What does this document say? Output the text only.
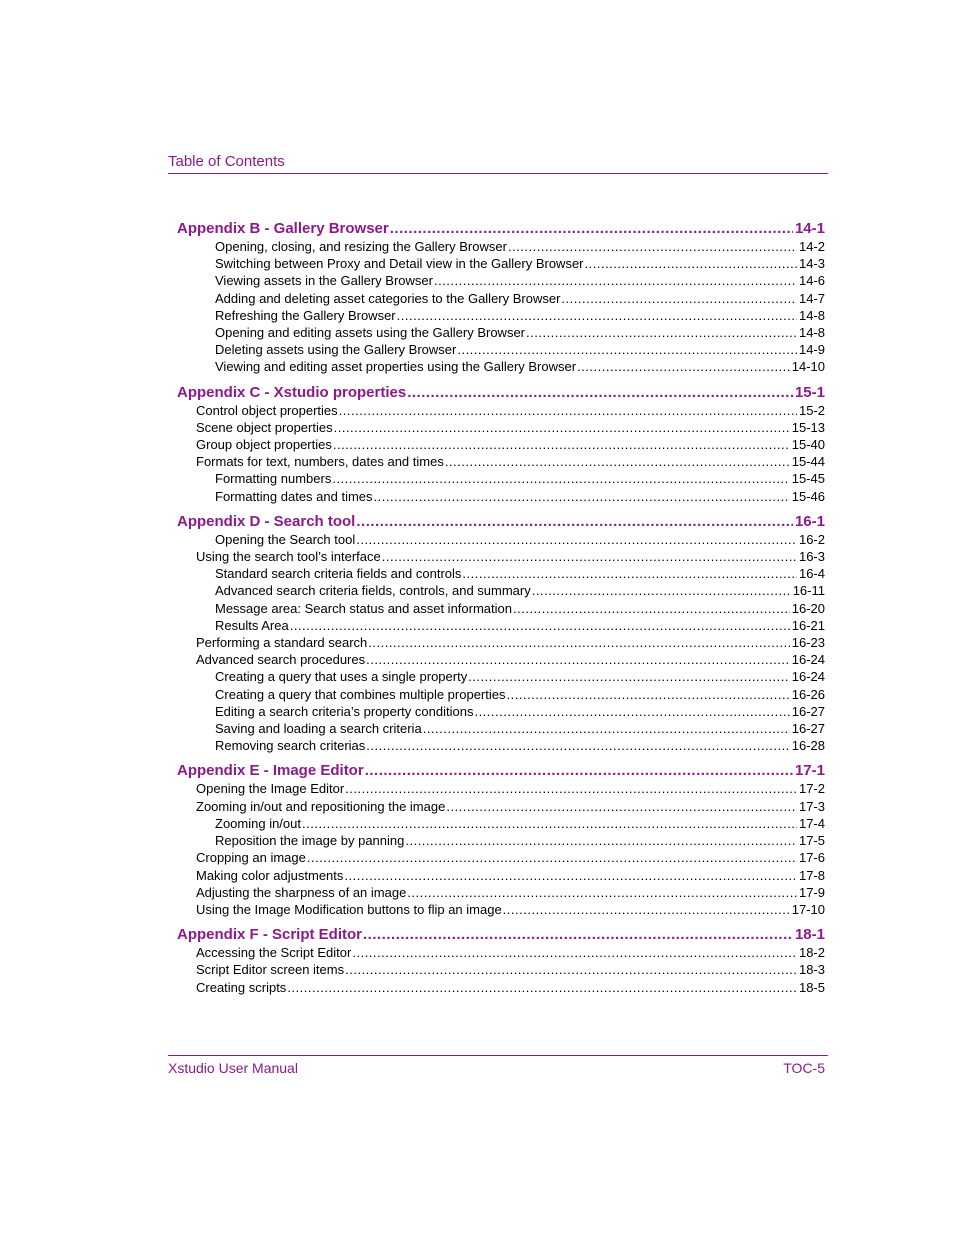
Table of Contents
Appendix B - Gallery Browser .....	14-1
Opening, closing, and resizing the Gallery Browser .....	14-2
Switching between Proxy and Detail view in the Gallery Browser .....	14-3
Viewing assets in the Gallery Browser .....	14-6
Adding and deleting asset categories to the Gallery Browser .....	14-7
Refreshing the Gallery Browser .....	14-8
Opening and editing assets using the Gallery Browser .....	14-8
Deleting assets using the Gallery Browser .....	14-9
Viewing and editing asset properties using the Gallery Browser .....	14-10
Appendix C - Xstudio properties .....	15-1
Control object properties .....	15-2
Scene object properties .....	15-13
Group object properties .....	15-40
Formats for text, numbers, dates and times .....	15-44
Formatting numbers .....	15-45
Formatting dates and times .....	15-46
Appendix D - Search tool .....	16-1
Opening the Search tool .....	16-2
Using the search tool’s interface .....	16-3
Standard search criteria fields and controls .....	16-4
Advanced search criteria fields, controls, and summary .....	16-11
Message area: Search status and asset information .....	16-20
Results Area .....	16-21
Performing a standard search .....	16-23
Advanced search procedures .....	16-24
Creating a query that uses a single property .....	16-24
Creating a query that combines multiple properties .....	16-26
Editing a search criteria’s property conditions .....	16-27
Saving and loading a search criteria .....	16-27
Removing search criterias .....	16-28
Appendix E - Image Editor .....	17-1
Opening the Image Editor .....	17-2
Zooming in/out and repositioning the image .....	17-3
Zooming in/out .....	17-4
Reposition the image by panning .....	17-5
Cropping an image .....	17-6
Making color adjustments .....	17-8
Adjusting the sharpness of an image .....	17-9
Using the Image Modification buttons to flip an image .....	17-10
Appendix F - Script Editor .....	18-1
Accessing the Script Editor .....	18-2
Script Editor screen items .....	18-3
Creating scripts .....	18-5
Xstudio User Manual	TOC-5
